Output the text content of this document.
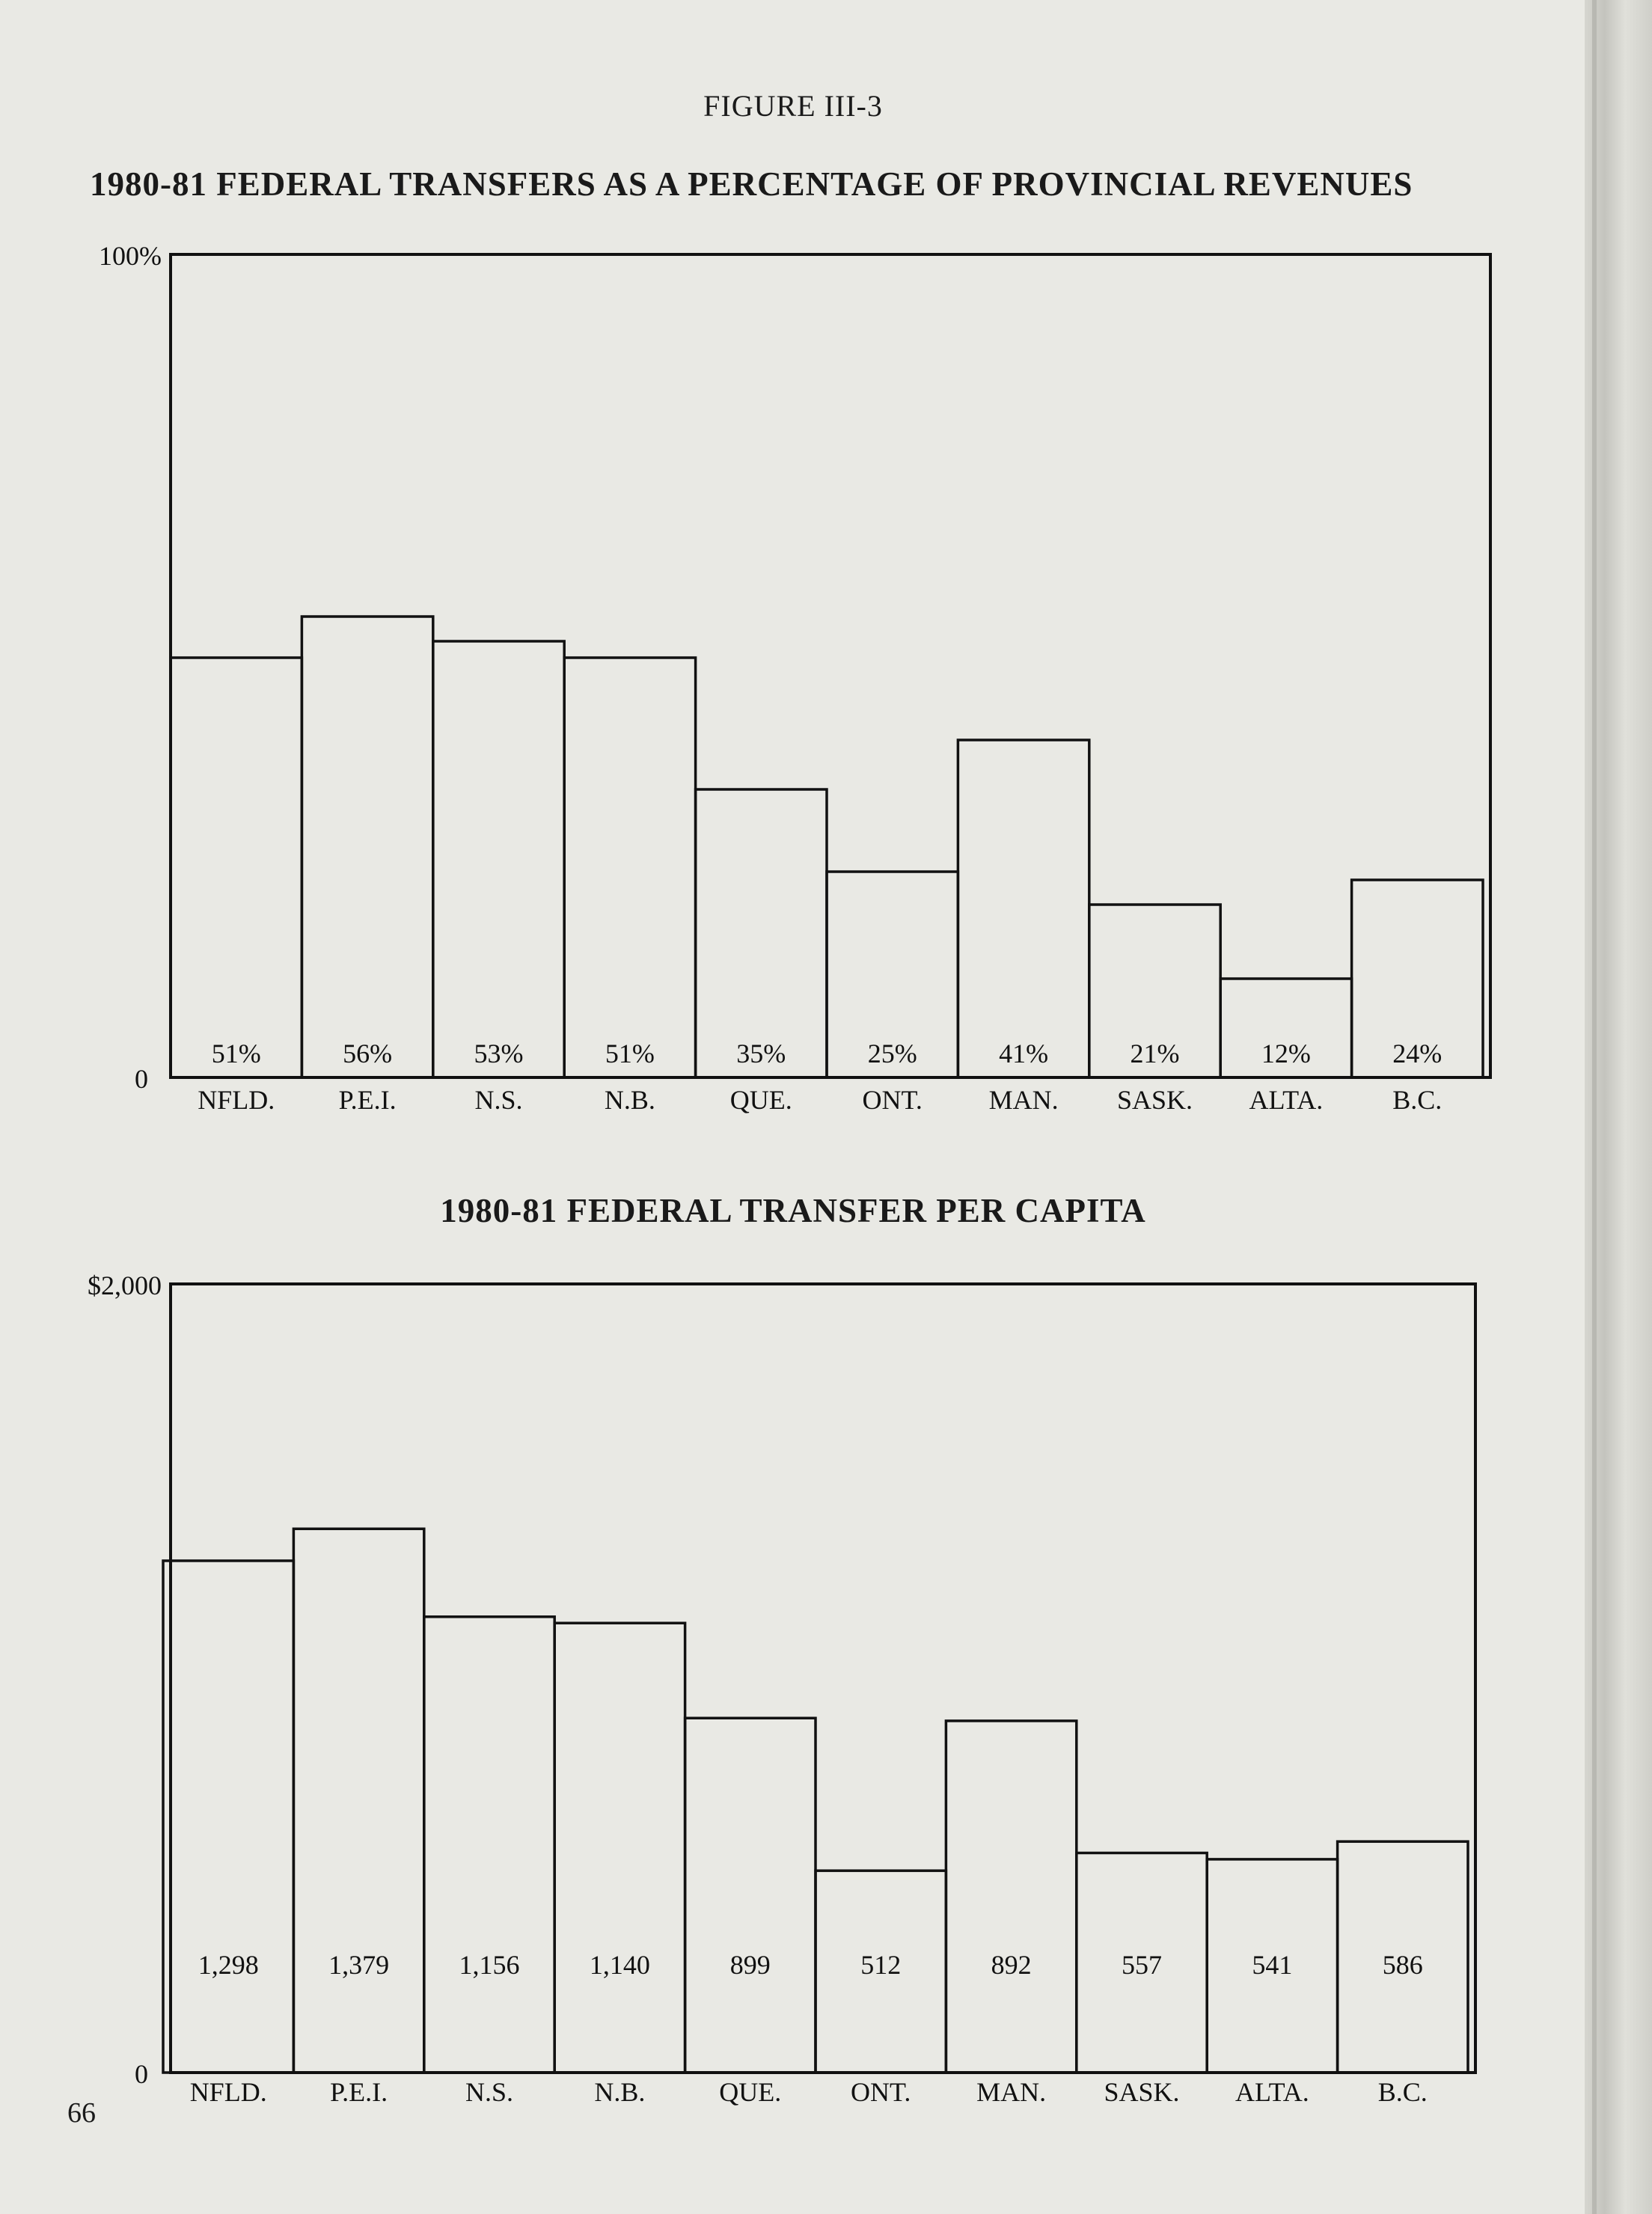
FIGURE III-3
1980-81 FEDERAL TRANSFERS AS A PERCENTAGE OF PROVINCIAL REVENUES
100%
0
51%
NFLD.
56%
P.E.I.
53%
N.S.
51%
N.B.
35%
QUE.
25%
ONT.
41%
MAN.
21%
SASK.
12%
ALTA.
24%
B.C.
1980-81 FEDERAL TRANSFER PER CAPITA
$2,000
0
1,298
NFLD.
1,379
P.E.I.
1,156
N.S.
1,140
N.B.
899
QUE.
512
ONT.
892
MAN.
557
SASK.
541
ALTA.
586
B.C.
66
